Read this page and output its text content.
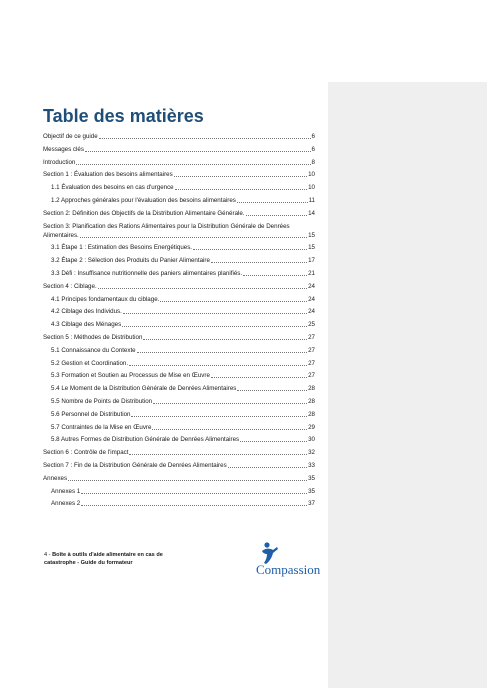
Table des matières
Objectif de ce guide	6
Messages clés	6
Introduction	8
Section 1 : Évaluation des besoins alimentaires	10
1.1 Évaluation des besoins en cas d'urgence	10
1.2 Approches générales pour l'évaluation des besoins alimentaires	11
Section 2: Définition des Objectifs de la Distribution Alimentaire Générale.	14
Section 3: Planification des Rations Alimentaires pour la Distribution Générale de Denrées
Alimentaires.	15
3.1 Étape 1 : Estimation des Besoins Energétiques.	15
3.2 Étape 2 : Sélection des Produits du Panier Alimentaire	17
3.3 Défi : Insuffisance nutritionnelle des paniers alimentaires planifiés.	21
Section 4 : Ciblage.	24
4.1 Principes fondamentaux du ciblage.	24
4.2 Ciblage des Individus.	24
4.3 Ciblage des Ménages	25
Section 5 : Méthodes de Distribution	27
5.1 Connaissance du Contexte	27
5.2 Gestion et Coordination.	27
5.3 Formation et Soutien au Processus de Mise en Œuvre	27
5.4 Le Moment de la Distribution Générale de Denrées Alimentaires	28
5.5 Nombre de Points de Distribution	28
5.6 Personnel de Distribution	28
5.7 Contraintes de la Mise en Œuvre	29
5.8 Autres Formes de Distribution Générale de Denrées Alimentaires	30
Section 6 : Contrôle de l'impact	32
Section 7 : Fin de la Distribution Générale de Denrées Alimentaires	33
Annexes	35
Annexes 1	35
Annexes 2	37
4 - Boîte à outils d'aide alimentaire en cas de catastrophe - Guide du formateur	Compassion
